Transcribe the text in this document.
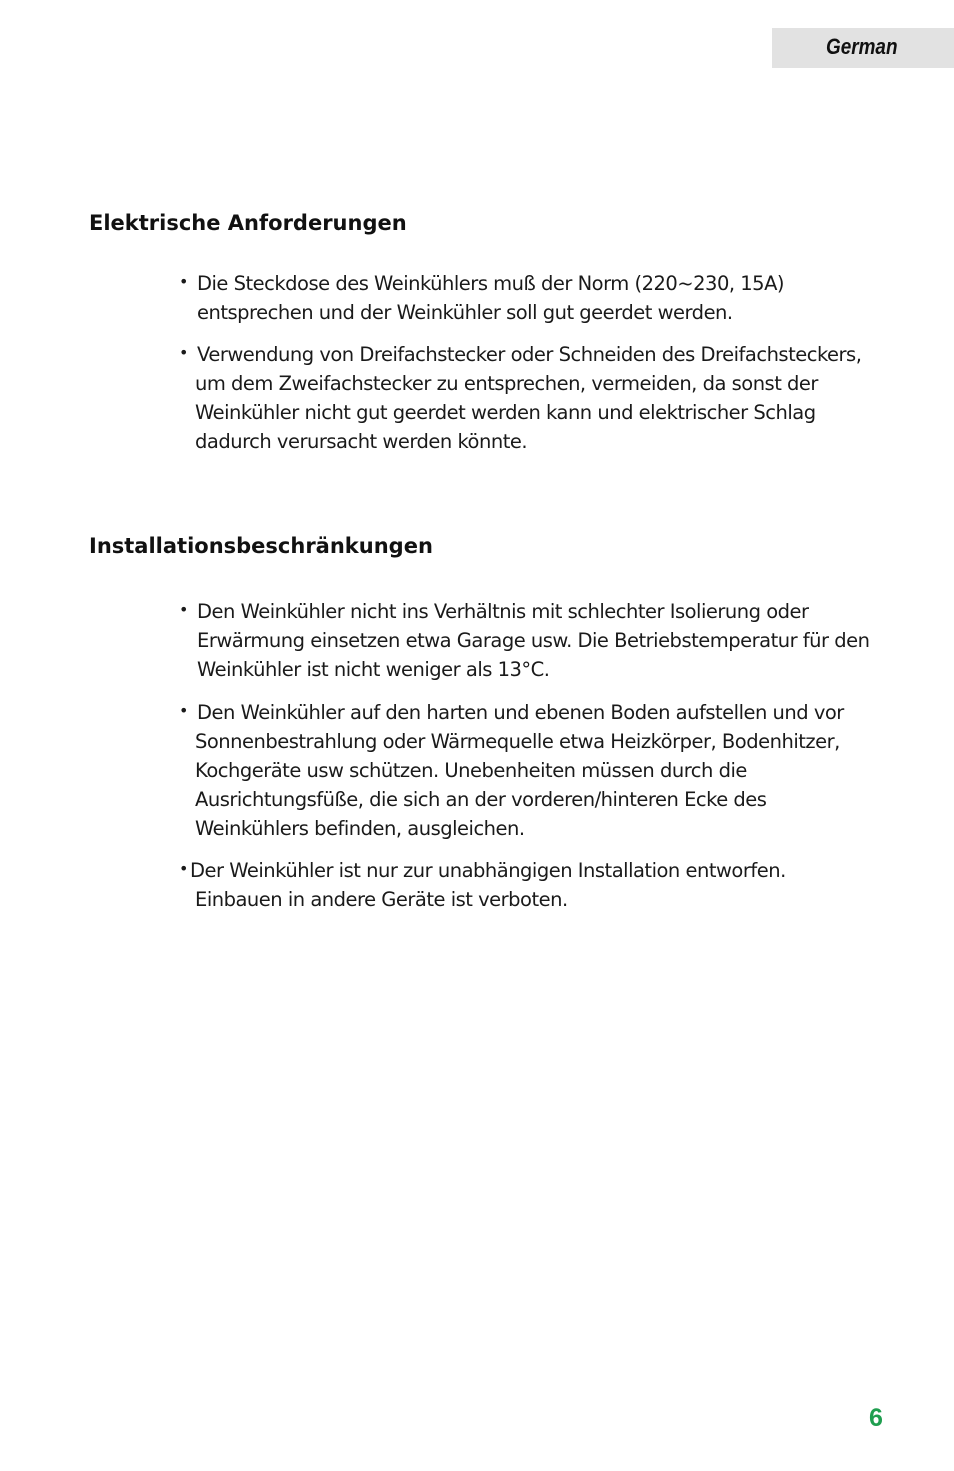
German
Elektrische Anforderungen
• Die Steckdose des Weinkühlers muß der Norm (220~230, 15A)
entsprechen und der Weinkühler soll gut geerdet werden.
• Verwendung von Dreifachstecker oder Schneiden des Dreifachsteckers,
um dem Zweifachstecker zu entsprechen, vermeiden, da sonst der
Weinkühler nicht gut geerdet werden kann und elektrischer Schlag
dadurch verursacht werden könnte.
Installationsbeschränkungen
• Den Weinkühler nicht ins Verhältnis mit schlechter Isolierung oder
Erwärmung einsetzen etwa Garage usw. Die Betriebstemperatur für den
Weinkühler ist nicht weniger als 13°C.
• Den Weinkühler auf den harten und ebenen Boden aufstellen und vor
Sonnenbestrahlung oder Wärmequelle etwa Heizkörper, Bodenhitzer,
Kochgeräte usw schützen. Unebenheiten müssen durch die
Ausrichtungsfüße, die sich an der vorderen/hinteren Ecke des
Weinkühlers befinden, ausgleichen.
• Der Weinkühler ist nur zur unabhängigen Installation entworfen.
Einbauen in andere Geräte ist verboten.
6
